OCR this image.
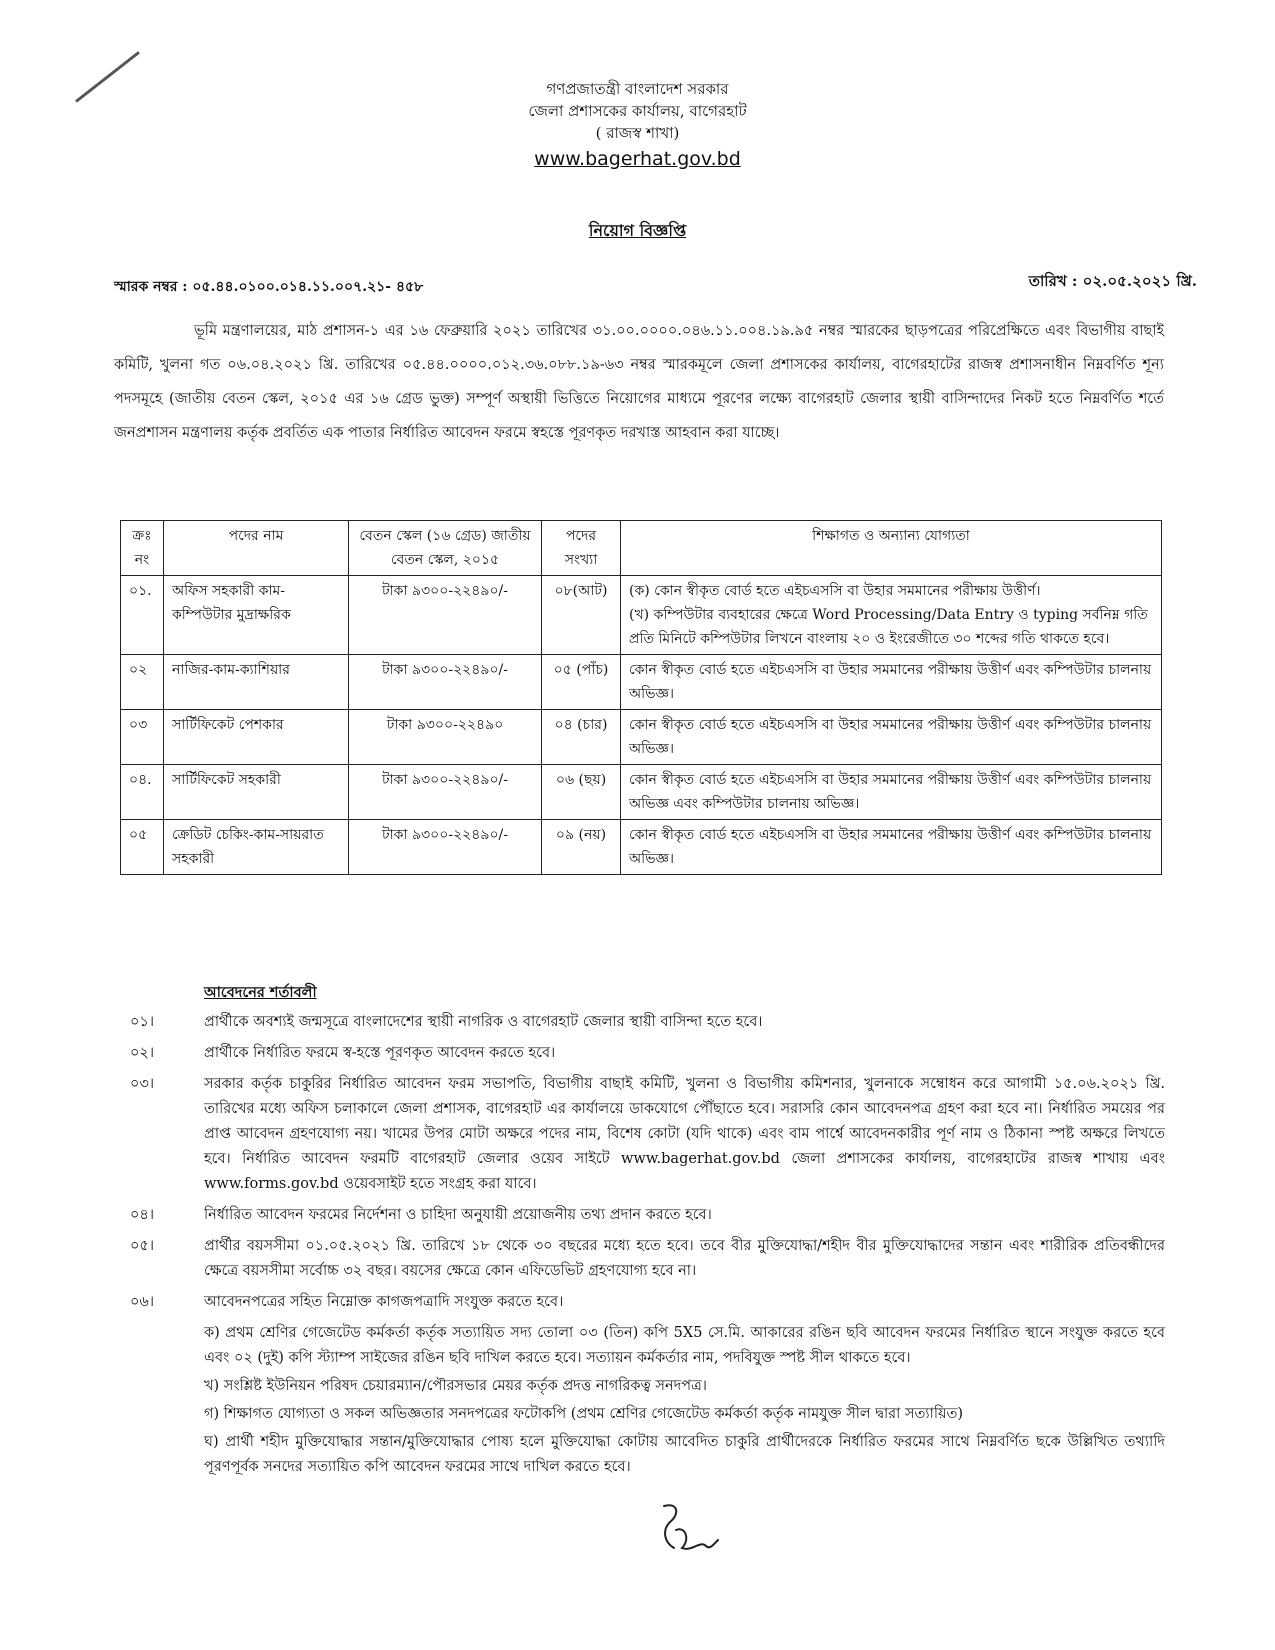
গণপ্রজাতন্ত্রী বাংলাদেশ সরকার
জেলা প্রশাসকের কার্যালয়, বাগেরহাট
( রাজস্ব শাখা)
www.bagerhat.gov.bd
নিয়োগ বিজ্ঞপ্তি
স্মারক নম্বর : ০৫.৪৪.০১০০.০১৪.১১.০০৭.২১- ৪৫৮	তারিখ : ০২.০৫.২০২১ খ্রি.
ভূমি মন্ত্রণালয়ের, মাঠ প্রশাসন-১ এর ১৬ ফেব্রুয়ারি ২০২১ তারিখের ৩১.০০.০০০০.০৪৬.১১.০০৪.১৯.৯৫ নম্বর স্মারকের ছাড়পত্রের পরিপ্রেক্ষিতে এবং বিভাগীয় বাছাই কমিটি, খুলনা গত ০৬.০৪.২০২১ খ্রি. তারিখের ০৫.৪৪.০০০০.০১২.৩৬.০৮৮.১৯-৬৩ নম্বর স্মারকমূলে জেলা প্রশাসকের কার্যালয়, বাগেরহাটের রাজস্ব প্রশাসনাধীন নিম্নবর্ণিত শূন্য পদসমূহে (জাতীয় বেতন স্কেল, ২০১৫ এর ১৬ গ্রেড ভুক্ত) সম্পূর্ণ অস্থায়ী ভিত্তিতে নিয়োগের মাধ্যমে পূরণের লক্ষ্যে বাগেরহাট জেলার স্থায়ী বাসিন্দাদের নিকট হতে নিম্নবর্ণিত শর্তে জনপ্রশাসন মন্ত্রণালয় কর্তৃক প্রবর্তিত এক পাতার নির্ধারিত আবেদন ফরমে স্বহস্তে পূরণকৃত দরখাস্ত আহবান করা যাচ্ছে।
ক্রঃ নং	পদের নাম	বেতন স্কেল (১৬ গ্রেড) জাতীয় বেতন স্কেল, ২০১৫	পদের সংখ্যা	শিক্ষাগত ও অন্যান্য যোগ্যতা
০১.	অফিস সহকারী কাম-কম্পিউটার মুদ্রাক্ষরিক	টাকা ৯৩০০-২২৪৯০/-	০৮(আট)	(ক) কোন স্বীকৃত বোর্ড হতে এইচএসসি বা উহার সমমানের পরীক্ষায় উত্তীর্ণ।
(খ) কম্পিউটার ব্যবহারের ক্ষেত্রে Word Processing/Data Entry ও typing সর্বনিম্ন গতি প্রতি মিনিটে কম্পিউটার লিখনে বাংলায় ২০ ও ইংরেজীতে ৩০ শব্দের গতি থাকতে হবে।

০২	নাজির-কাম-ক্যাশিয়ার	টাকা ৯৩০০-২২৪৯০/-	০৫ (পাঁচ)	কোন স্বীকৃত বোর্ড হতে এইচএসসি বা উহার সমমানের পরীক্ষায় উত্তীর্ণ এবং কম্পিউটার চালনায় অভিজ্ঞ।
০৩	সার্টিফিকেট পেশকার	টাকা ৯৩০০-২২৪৯০	০৪ (চার)	কোন স্বীকৃত বোর্ড হতে এইচএসসি বা উহার সমমানের পরীক্ষায় উত্তীর্ণ এবং কম্পিউটার চালনায় অভিজ্ঞ।
০৪.	সার্টিফিকেট সহকারী	টাকা ৯৩০০-২২৪৯০/-	০৬ (ছয়)	কোন স্বীকৃত বোর্ড হতে এইচএসসি বা উহার সমমানের পরীক্ষায় উত্তীর্ণ এবং কম্পিউটার চালনায় অভিজ্ঞ এবং কম্পিউটার চালনায় অভিজ্ঞ।
০৫	ক্রেডিট চেকিং-কাম-সায়রাত সহকারী	টাকা ৯৩০০-২২৪৯০/-	০৯ (নয়)	কোন স্বীকৃত বোর্ড হতে এইচএসসি বা উহার সমমানের পরীক্ষায় উত্তীর্ণ এবং কম্পিউটার চালনায় অভিজ্ঞ।
আবেদনের শর্তাবলী
০১।	প্রার্থীকে অবশ্যই জন্মসূত্রে বাংলাদেশের স্থায়ী নাগরিক ও বাগেরহাট জেলার স্থায়ী বাসিন্দা হতে হবে।
০২।	প্রার্থীকে নির্ধারিত ফরমে স্ব-হস্তে পূরণকৃত আবেদন করতে হবে।
০৩।	সরকার কর্তৃক চাকুরির নির্ধারিত আবেদন ফরম সভাপতি, বিভাগীয় বাছাই কমিটি, খুলনা ও বিভাগীয় কমিশনার, খুলনাকে সম্বোধন করে আগামী ১৫.০৬.২০২১ খ্রি. তারিখের মধ্যে অফিস চলাকালে জেলা প্রশাসক, বাগেরহাট এর কার্যালয়ে ডাকযোগে পৌঁছাতে হবে। সরাসরি কোন আবেদনপত্র গ্রহণ করা হবে না। নির্ধারিত সময়ের পর প্রাপ্ত আবেদন গ্রহণযোগ্য নয়। খামের উপর মোটা অক্ষরে পদের নাম, বিশেষ কোটা (যদি থাকে) এবং বাম পার্শ্বে আবেদনকারীর পূর্ণ নাম ও ঠিকানা স্পষ্ট অক্ষরে লিখতে হবে। নির্ধারিত আবেদন ফরমটি বাগেরহাট জেলার ওয়েব সাইটে www.bagerhat.gov.bd জেলা প্রশাসকের কার্যালয়, বাগেরহাটের রাজস্ব শাখায় এবং www.forms.gov.bd ওয়েবসাইট হতে সংগ্রহ করা যাবে।
০৪।	নির্ধারিত আবেদন ফরমের নির্দেশনা ও চাহিদা অনুযায়ী প্রয়োজনীয় তথ্য প্রদান করতে হবে।
০৫।	প্রার্থীর বয়সসীমা ০১.০৫.২০২১ খ্রি. তারিখে ১৮ থেকে ৩০ বছরের মধ্যে হতে হবে। তবে বীর মুক্তিযোদ্ধা/শহীদ বীর মুক্তিযোদ্ধাদের সন্তান এবং শারীরিক প্রতিবন্ধীদের ক্ষেত্রে বয়সসীমা সর্বোচ্চ ৩২ বছর। বয়সের ক্ষেত্রে কোন এফিডেভিট গ্রহণযোগ্য হবে না।
০৬।	আবেদনপত্রের সহিত নিম্নোক্ত কাগজপত্রাদি সংযুক্ত করতে হবে।
ক) প্রথম শ্রেণির গেজেটেড কর্মকর্তা কর্তৃক সত্যায়িত সদ্য তোলা ০৩ (তিন) কপি 5X5 সে.মি. আকারের রঙিন ছবি আবেদন ফরমের নির্ধারিত স্থানে সংযুক্ত করতে হবে এবং ০২ (দুই) কপি স্ট্যাম্প সাইজের রঙিন ছবি দাখিল করতে হবে। সত্যায়ন কর্মকর্তার নাম, পদবিযুক্ত স্পষ্ট সীল থাকতে হবে।
খ) সংশ্লিষ্ট ইউনিয়ন পরিষদ চেয়ারম্যান/পৌরসভার মেয়র কর্তৃক প্রদত্ত নাগরিকত্ব সনদপত্র।
গ) শিক্ষাগত যোগ্যতা ও সকল অভিজ্ঞতার সনদপত্রের ফটোকপি (প্রথম শ্রেণির গেজেটেড কর্মকর্তা কর্তৃক নামযুক্ত সীল দ্বারা সত্যায়িত)
ঘ) প্রার্থী শহীদ মুক্তিযোদ্ধার সন্তান/মুক্তিযোদ্ধার পোষ্য হলে মুক্তিযোদ্ধা কোটায় আবেদিত চাকুরি প্রার্থীদেরকে নির্ধারিত ফরমের সাথে নিম্নবর্ণিত ছকে উল্লিখিত তথ্যাদি পূরণপূর্বক সনদের সত্যায়িত কপি আবেদন ফরমের সাথে দাখিল করতে হবে।
